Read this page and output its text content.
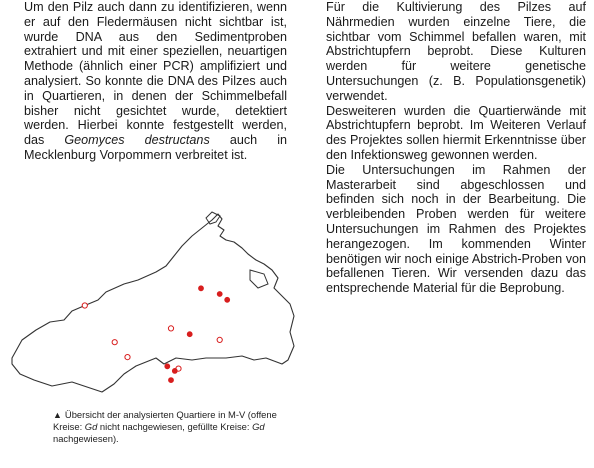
Um den Pilz auch dann zu identifizieren, wenn er auf den Fledermäusen nicht sichtbar ist, wurde DNA aus den Sedimentproben extrahiert und mit einer speziellen, neuartigen Methode (ähnlich einer PCR) amplifiziert und analysiert. So konnte die DNA des Pilzes auch in Quartieren, in denen der Schimmelbefall bisher nicht gesichtet wurde, detektiert werden. Hierbei konnte festgestellt werden, das Geomyces destructans auch in Mecklenburg Vorpommern verbreitet ist.

Für die Kultivierung des Pilzes auf Nährmedien wurden einzelne Tiere, die sichtbar vom Schimmel befallen waren, mit Abstrichtupfern beprobt. Diese Kulturen werden für weitere genetische Untersuchungen (z. B. Populationsgenetik) verwendet.

Desweiteren wurden die Quartierwände mit Abstrichtupfern beprobt. Im Weiteren Verlauf des Projektes sollen hiermit Erkenntnisse über den Infektionsweg gewonnen werden.

Die Untersuchungen im Rahmen der Masterarbeit sind abgeschlossen und befinden sich noch in der Bearbeitung. Die verbleibenden Proben werden für weitere Untersuchungen im Rahmen des Projektes herangezogen. Im kommenden Winter benötigen wir noch einige Abstrich-Proben von befallenen Tieren. Wir versenden dazu das entsprechende Material für die Beprobung.

▲ Übersicht der analysierten Quartiere in M-V (offene Kreise: Gd nicht nachgewiesen, gefüllte Kreise: Gd nachgewiesen).
